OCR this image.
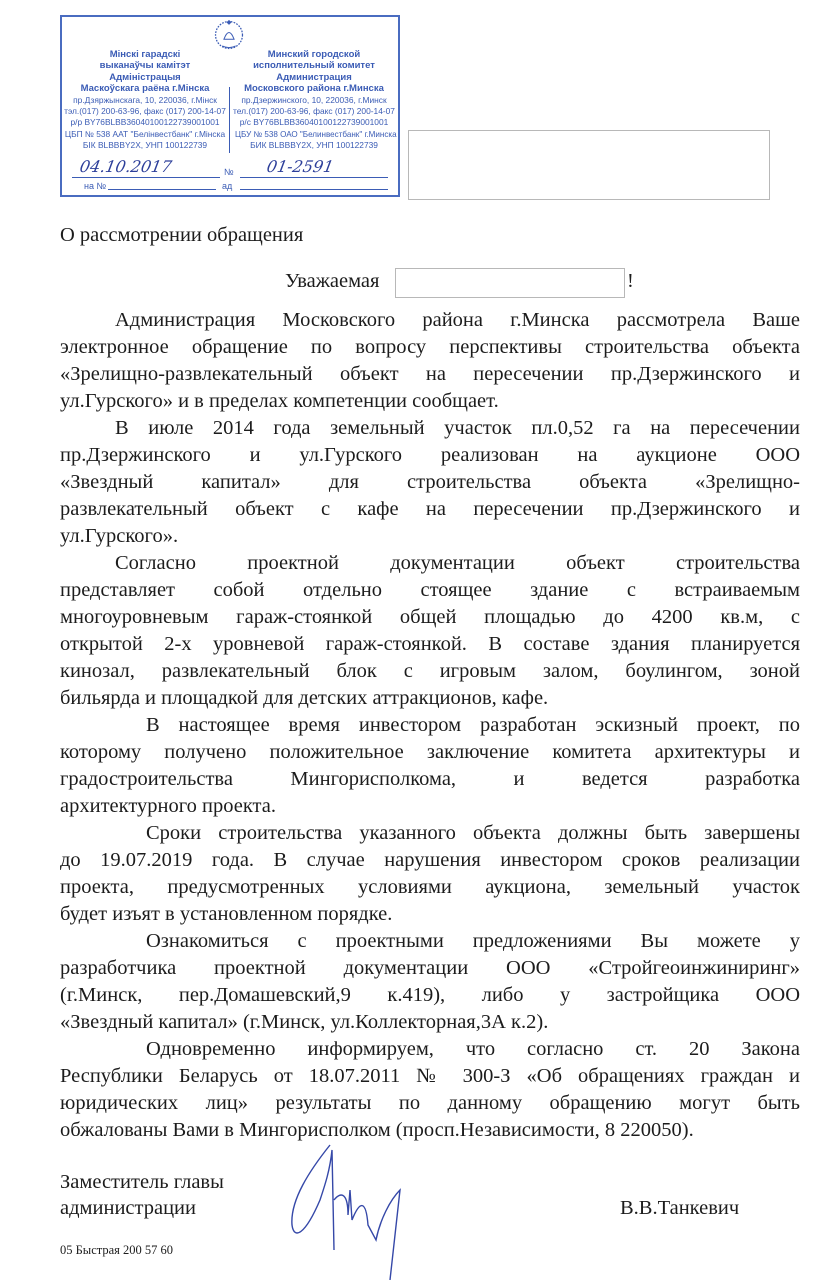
Мінскі гарадскі
выканаўчы камітэт
Адміністрацыя
Маскоўскага раёна г.Мінска
пр.Дзяржынскага, 10, 220036, г.Мінск
тэл.(017) 200-63-96, факс (017) 200-14-07
р/р BY76BLBB36040100122739001001
ЦБП № 538 ААТ "Белінвестбанк" г.Мінска
БІК BLBBBY2X, УНП 100122739
Минский городской
исполнительный комитет
Администрация
Московского района г.Минска
пр.Дзержинского, 10, 220036, г.Минск
тел.(017) 200-63-96, факс (017) 200-14-07
р/с BY76BLBB36040100122739001001
ЦБУ № 538 ОАО "Белинвестбанк" г.Минска
БИК BLBBBY2X, УНП 100122739
04.10.2017	№ 01-2591
на №	ад
О рассмотрении обращения
Уважаемая	!
Администрация Московского района г.Минска рассмотрела Ваше
электронное обращение по вопросу перспективы строительства объекта
«Зрелищно-развлекательный объект на пересечении пр.Дзержинского и
ул.Гурского» и в пределах компетенции сообщает.
В июле 2014 года земельный участок пл.0,52 га на пересечении
пр.Дзержинского и ул.Гурского реализован на аукционе ООО
«Звездный капитал» для строительства объекта «Зрелищно-
развлекательный объект с кафе на пересечении пр.Дзержинского и
ул.Гурского».
Согласно проектной документации объект строительства
представляет собой отдельно стоящее здание с встраиваемым
многоуровневым гараж-стоянкой общей площадью до 4200 кв.м, с
открытой 2-х уровневой гараж-стоянкой. В составе здания планируется
кинозал, развлекательный блок с игровым залом, боулингом, зоной
бильярда и площадкой для детских аттракционов, кафе.
В настоящее время инвестором разработан эскизный проект, по
которому получено положительное заключение комитета архитектуры и
градостроительства Мингорисполкома, и ведется разработка
архитектурного проекта.
Сроки строительства указанного объекта должны быть завершены
до 19.07.2019 года. В случае нарушения инвестором сроков реализации
проекта, предусмотренных условиями аукциона, земельный участок
будет изъят в установленном порядке.
Ознакомиться с проектными предложениями Вы можете у
разработчика проектной документации ООО «Стройгеоинжиниринг»
(г.Минск, пер.Домашевский,9 к.419), либо у застройщика ООО
«Звездный капитал» (г.Минск, ул.Коллекторная,3А к.2).
Одновременно информируем, что согласно ст. 20 Закона
Республики Беларусь от 18.07.2011 № 300-З «Об обращениях граждан и
юридических лиц» результаты по данному обращению могут быть
обжалованы Вами в Мингорисполком (просп.Независимости, 8 220050).
Заместитель главы
администрации	В.В.Танкевич
05 Быстрая 200 57 60
